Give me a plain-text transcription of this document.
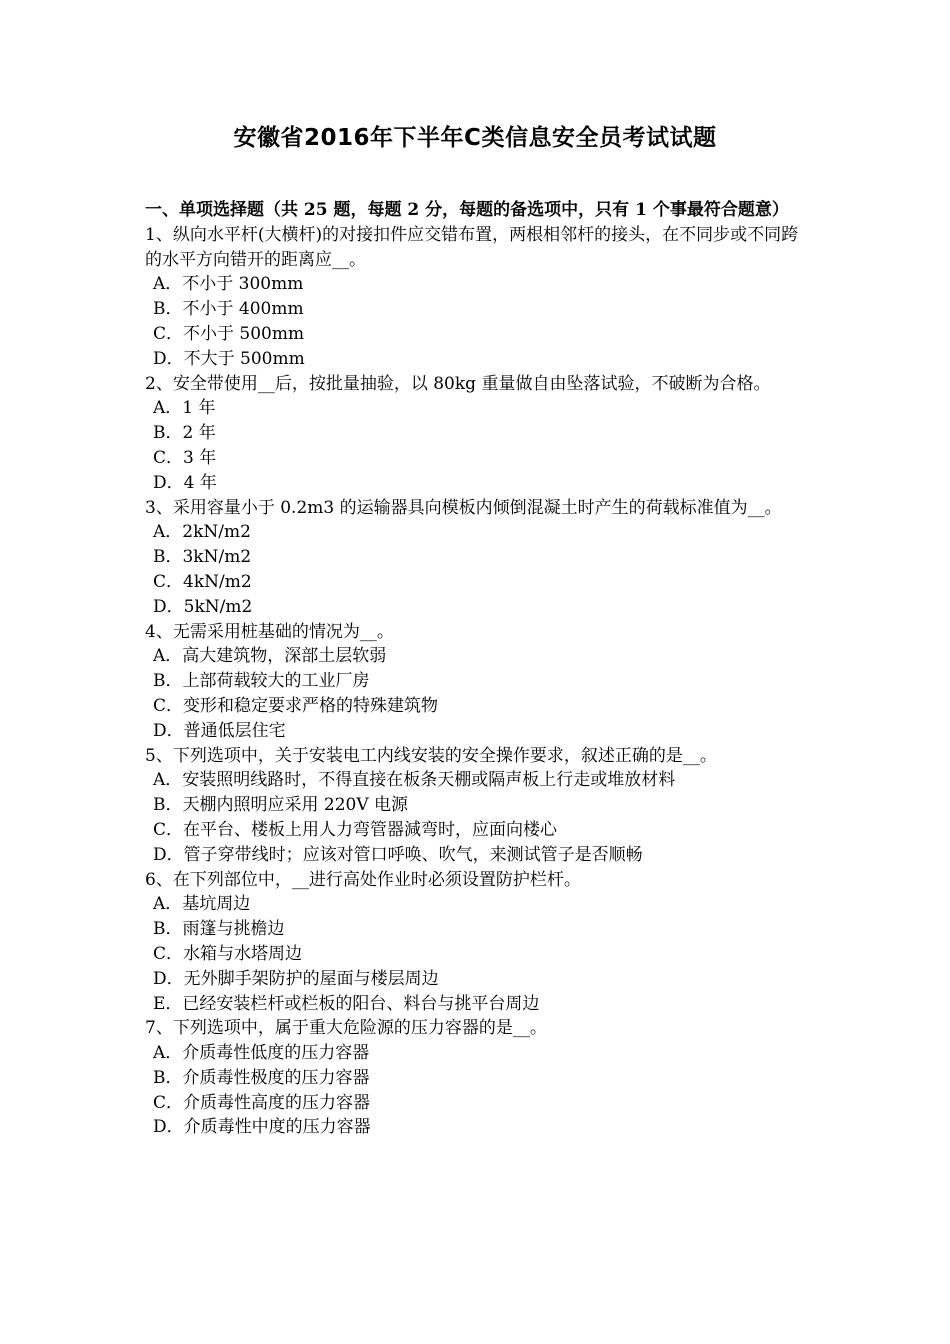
安徽省2016年下半年C类信息安全员考试试题
一、单项选择题（共 25 题，每题 2 分，每题的备选项中，只有 1 个事最符合题意）
1、纵向水平杆(大横杆)的对接扣件应交错布置，两根相邻杆的接头，在不同步或不同跨的水平方向错开的距离应__。
A．不小于 300mm
B．不小于 400mm
C．不小于 500mm
D．不大于 500mm
2、安全带使用__后，按批量抽验，以 80kg 重量做自由坠落试验，不破断为合格。
A．1 年
B．2 年
C．3 年
D．4 年
3、采用容量小于 0.2m3 的运输器具向模板内倾倒混凝土时产生的荷载标准值为__。
A．2kN/m2
B．3kN/m2
C．4kN/m2
D．5kN/m2
4、无需采用桩基础的情况为__。
A．高大建筑物，深部土层软弱
B．上部荷载较大的工业厂房
C．变形和稳定要求严格的特殊建筑物
D．普通低层住宅
5、下列选项中，关于安装电工内线安装的安全操作要求，叙述正确的是__。
A．安装照明线路时，不得直接在板条天棚或隔声板上行走或堆放材料
B．天棚内照明应采用 220V 电源
C．在平台、楼板上用人力弯管器減弯时，应面向楼心
D．管子穿带线时；应该对管口呼唤、吹气，来测试管子是否顺畅
6、在下列部位中，__进行高处作业时必须设置防护栏杆。
A．基坑周边
B．雨篷与挑檐边
C．水箱与水塔周边
D．无外脚手架防护的屋面与楼层周边
E．已经安装栏杆或栏板的阳台、料台与挑平台周边
7、下列选项中，属于重大危险源的压力容器的是__。
A．介质毒性低度的压力容器
B．介质毒性极度的压力容器
C．介质毒性高度的压力容器
D．介质毒性中度的压力容器
